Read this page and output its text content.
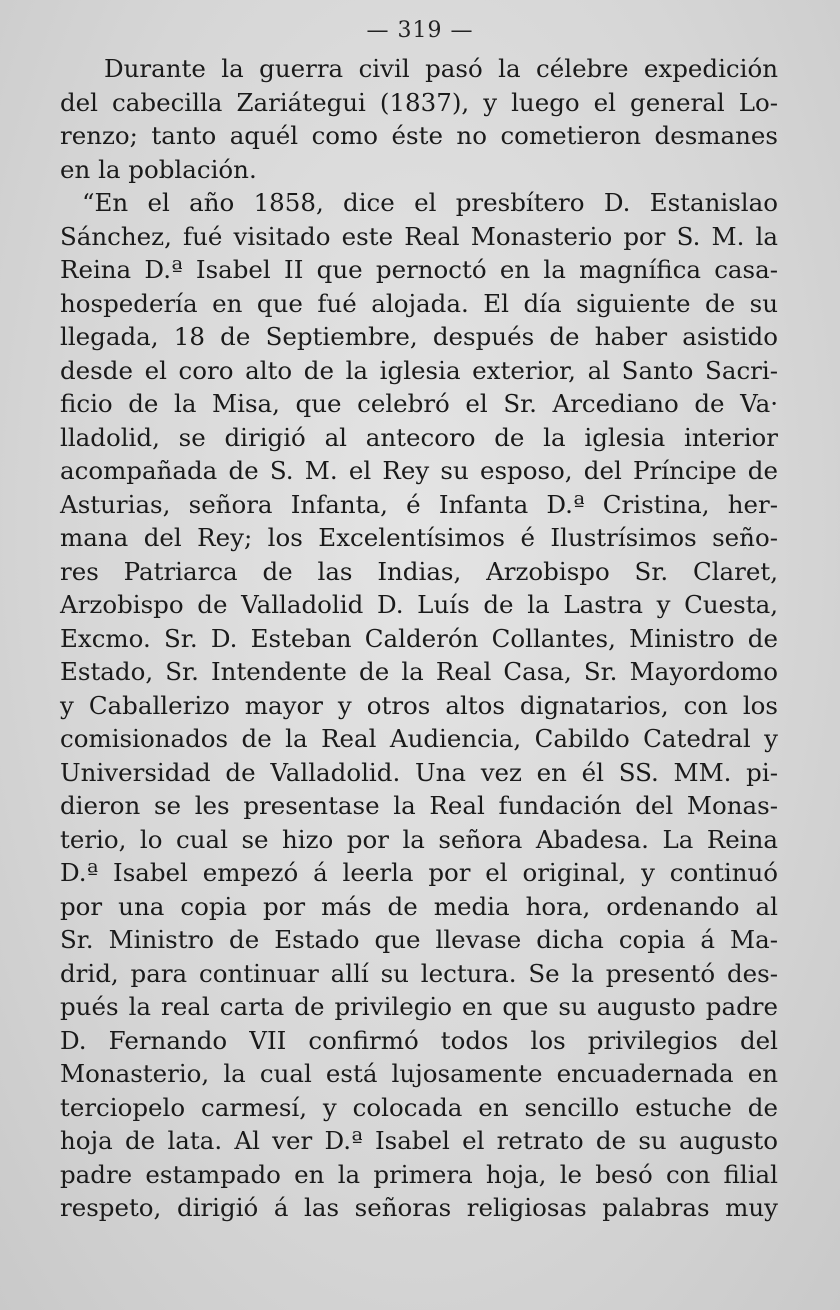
— 319 —
Durante la guerra civil pasó la célebre expedición
del cabecilla Zariátegui (1837), y luego el general Lo-
renzo; tanto aquél como éste no cometieron desmanes
en la población.
“En el año 1858, dice el presbítero D. Estanislao
Sánchez, fué visitado este Real Monasterio por S. M. la
Reina D.ª Isabel II que pernoctó en la magnífica casa-
hospedería en que fué alojada. El día siguiente de su
llegada, 18 de Septiembre, después de haber asistido
desde el coro alto de la iglesia exterior, al Santo Sacri-
ficio de la Misa, que celebró el Sr. Arcediano de Va·
lladolid, se dirigió al antecoro de la iglesia interior
acompañada de S. M. el Rey su esposo, del Príncipe de
Asturias, señora Infanta, é Infanta D.ª Cristina, her-
mana del Rey; los Excelentísimos é Ilustrísimos seño-
res Patriarca de las Indias, Arzobispo Sr. Claret,
Arzobispo de Valladolid D. Luís de la Lastra y Cuesta,
Excmo. Sr. D. Esteban Calderón Collantes, Ministro de
Estado, Sr. Intendente de la Real Casa, Sr. Mayordomo
y Caballerizo mayor y otros altos dignatarios, con los
comisionados de la Real Audiencia, Cabildo Catedral y
Universidad de Valladolid. Una vez en él SS. MM. pi-
dieron se les presentase la Real fundación del Monas-
terio, lo cual se hizo por la señora Abadesa. La Reina
D.ª Isabel empezó á leerla por el original, y continuó
por una copia por más de media hora, ordenando al
Sr. Ministro de Estado que llevase dicha copia á Ma-
drid, para continuar allí su lectura. Se la presentó des-
pués la real carta de privilegio en que su augusto padre
D. Fernando VII confirmó todos los privilegios del
Monasterio, la cual está lujosamente encuadernada en
terciopelo carmesí, y colocada en sencillo estuche de
hoja de lata. Al ver D.ª Isabel el retrato de su augusto
padre estampado en la primera hoja, le besó con filial
respeto, dirigió á las señoras religiosas palabras muy
